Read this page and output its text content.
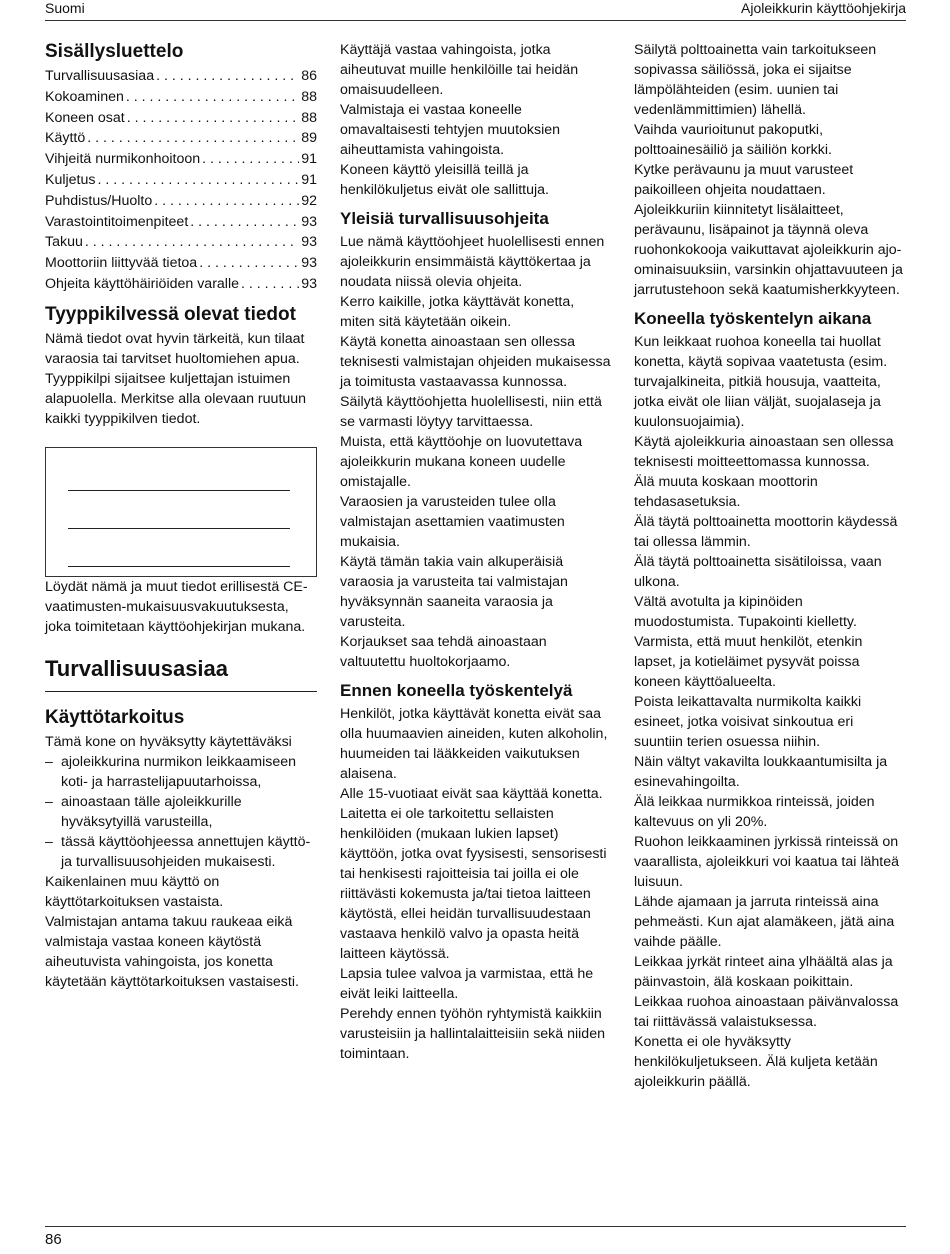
Suomi	Ajoleikkurin käyttöohjekirja
Sisällysluettelo
Turvallisuusasiaa . . .	86
Kokoaminen . . .	88
Koneen osat . . .	88
Käyttö . . .	89
Vihjeitä nurmikonhoitoon . . .	91
Kuljetus . . .	91
Puhdistus/Huolto . . .	92
Varastointitoimenpiteet . . .	93
Takuu . . .	93
Moottoriin liittyvää tietoa . . .	93
Ohjeita käyttöhäiriöiden varalle . . .	93
Tyyppikilvessä olevat tiedot

Nämä tiedot ovat hyvin tärkeitä, kun tilaat varaosia tai tarvitset huoltomiehen apua. Tyyppikilpi sijaitsee kuljettajan istuimen alapuolella. Merkitse alla olevaan ruutuun kaikki tyyppikilven tiedot.

Löydät nämä ja muut tiedot erillisestä CE-vaatimusten-mukaisuusvakuutuksesta, joka toimitetaan käyttöohjekirjan mukana.

Turvallisuusasiaa
Käyttötarkoitus

Tämä kone on hyväksytty käytettäväksi

– ajoleikkurina nurmikon leikkaamiseen koti- ja harrastelijapuutarhoissa,
– ainoastaan tälle ajoleikkurille hyväksytyillä varusteilla,
– tässä käyttöohjeessa annettujen käyttö- ja turvallisuusohjeiden mukaisesti.

Kaikenlainen muu käyttö on käyttötarkoituksen vastaista.

Valmistajan antama takuu raukeaa eikä valmistaja vastaa koneen käytöstä aiheutuvista vahingoista, jos konetta käytetään käyttötarkoituksen vastaisesti.

Käyttäjä vastaa vahingoista, jotka aiheutuvat muille henkilöille tai heidän omaisuudelleen.

Valmistaja ei vastaa koneelle omavaltaisesti tehtyjen muutoksien aiheuttamista vahingoista.

Koneen käyttö yleisillä teillä ja henkilökuljetus eivät ole sallittuja.

Yleisiä turvallisuusohjeita

Lue nämä käyttöohjeet huolellisesti ennen ajoleikkurin ensimmäistä käyttökertaa ja noudata niissä olevia ohjeita.

Kerro kaikille, jotka käyttävät konetta, miten sitä käytetään oikein.

Käytä konetta ainoastaan sen ollessa teknisesti valmistajan ohjeiden mukaisessa ja toimitusta vastaavassa kunnossa.

Säilytä käyttöohjetta huolellisesti, niin että se varmasti löytyy tarvittaessa.

Muista, että käyttöohje on luovutettava ajoleikkurin mukana koneen uudelle omistajalle.

Varaosien ja varusteiden tulee olla valmistajan asettamien vaatimusten mukaisia.

Käytä tämän takia vain alkuperäisiä varaosia ja varusteita tai valmistajan hyväksynnän saaneita varaosia ja varusteita.

Korjaukset saa tehdä ainoastaan valtuutettu huoltokorjaamo.

Ennen koneella työskentelyä

Henkilöt, jotka käyttävät konetta eivät saa olla huumaavien aineiden, kuten alkoholin, huumeiden tai lääkkeiden vaikutuksen alaisena.

Alle 15-vuotiaat eivät saa käyttää konetta.

Laitetta ei ole tarkoitettu sellaisten henkilöiden (mukaan lukien lapset) käyttöön, jotka ovat fyysisesti, sensorisesti tai henkisesti rajoitteisia tai joilla ei ole riittävästi kokemusta ja/tai tietoa laitteen käytöstä, ellei heidän turvallisuudestaan vastaava henkilö valvo ja opasta heitä laitteen käytössä.

Lapsia tulee valvoa ja varmistaa, että he eivät leiki laitteella.

Perehdy ennen työhön ryhtymistä kaikkiin varusteisiin ja hallintalaitteisiin sekä niiden toimintaan.

Säilytä polttoainetta vain tarkoitukseen sopivassa säiliössä, joka ei sijaitse lämpölähteiden (esim. uunien tai vedenlämmittimien) lähellä.

Vaihda vaurioitunut pakoputki, polttoainesäiliö ja säiliön korkki.

Kytke perävaunu ja muut varusteet paikoilleen ohjeita noudattaen.

Ajoleikkuriin kiinnitetyt lisälaitteet, perävaunu, lisäpainot ja täynnä oleva ruohonkokooja vaikuttavat ajoleikkurin ajo-ominaisuuksiin, varsinkin ohjattavuuteen ja jarrutustehoon sekä kaatumisherkkyyteen.

Koneella työskentelyn aikana

Kun leikkaat ruohoa koneella tai huollat konetta, käytä sopivaa vaatetusta (esim. turvajalkineita, pitkiä housuja, vaatteita, jotka eivät ole liian väljät, suojalaseja ja kuulonsuojaimia).

Käytä ajoleikkuria ainoastaan sen ollessa teknisesti moitteettomassa kunnossa.

Älä muuta koskaan moottorin tehdasasetuksia.

Älä täytä polttoainetta moottorin käydessä tai ollessa lämmin.

Älä täytä polttoainetta sisätiloissa, vaan ulkona.

Vältä avotulta ja kipinöiden muodostumista. Tupakointi kielletty.

Varmista, että muut henkilöt, etenkin lapset, ja kotieläimet pysyvät poissa koneen käyttöalueelta.

Poista leikattavalta nurmikolta kaikki esineet, jotka voisivat sinkoutua eri suuntiin terien osuessa niihin.

Näin vältyt vakavilta loukkaantumisilta ja esinevahingoilta.

Älä leikkaa nurmikkoa rinteissä, joiden kaltevuus on yli 20%.

Ruohon leikkaaminen jyrkissä rinteissä on vaarallista, ajoleikkuri voi kaatua tai lähteä luisuun.

Lähde ajamaan ja jarruta rinteissä aina pehmeästi. Kun ajat alamäkeen, jätä aina vaihde päälle.

Leikkaa jyrkät rinteet aina ylhäältä alas ja päinvastoin, älä koskaan poikittain.

Leikkaa ruohoa ainoastaan päivänvalossa tai riittävässä valaistuksessa.

Konetta ei ole hyväksytty henkilökuljetukseen. Älä kuljeta ketään ajoleikkurin päällä.

86
